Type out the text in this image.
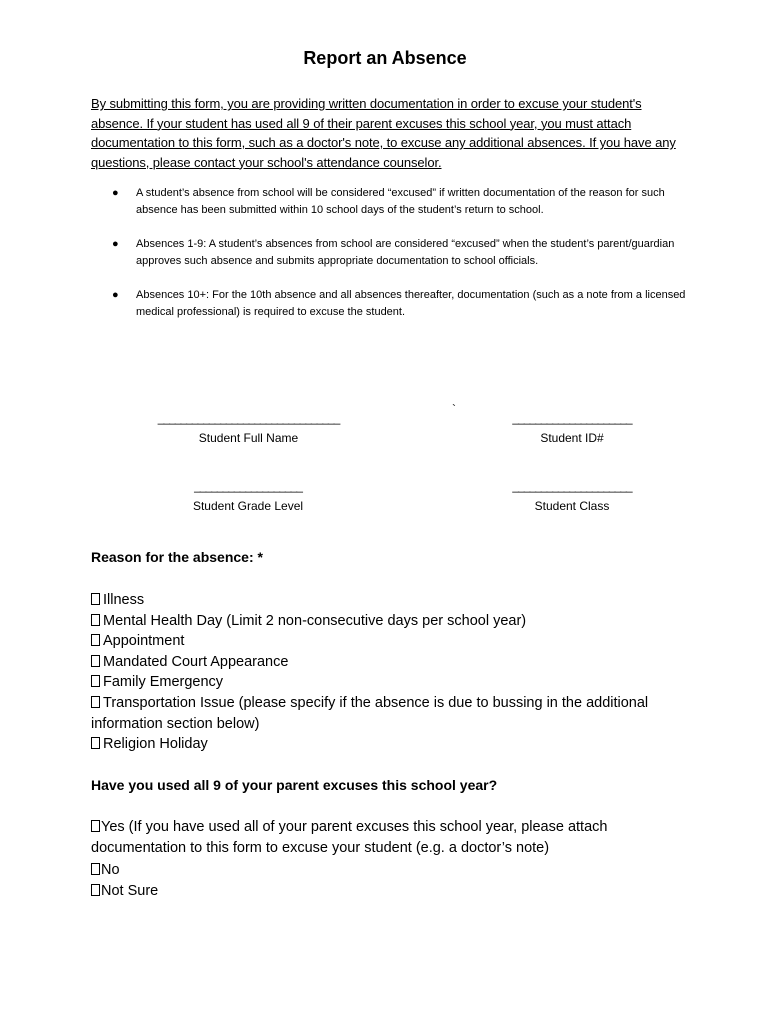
Report an Absence
By submitting this form, you are providing written documentation in order to excuse your student's absence. If your student has used all 9 of their parent excuses this school year, you must attach documentation to this form, such as a doctor's note, to excuse any additional absences. If you have any questions, please contact your school's attendance counselor.
● A student’s absence from school will be considered “excused” if written documentation of the reason for such absence has been submitted within 10 school days of the student’s return to school.
● Absences 1-9: A student’s absences from school are considered “excused” when the student’s parent/guardian approves such absence and submits appropriate documentation to school officials.
● Absences 10+: For the 10th absence and all absences thereafter, documentation (such as a note from a licensed medical professional) is required to excuse the student.
________________________________
Student Full Name
`
_____________________
Student ID#
___________________
Student Grade Level
_____________________
Student Class
Reason for the absence: *
Illness
Mental Health Day (Limit 2 non-consecutive days per school year)
Appointment
Mandated Court Appearance
Family Emergency
Transportation Issue (please specify if the absence is due to bussing in the additional information section below)
Religion Holiday
Have you used all 9 of your parent excuses this school year?
Yes (If you have used all of your parent excuses this school year, please attach documentation to this form to excuse your student (e.g. a doctor’s note)
No
Not Sure
